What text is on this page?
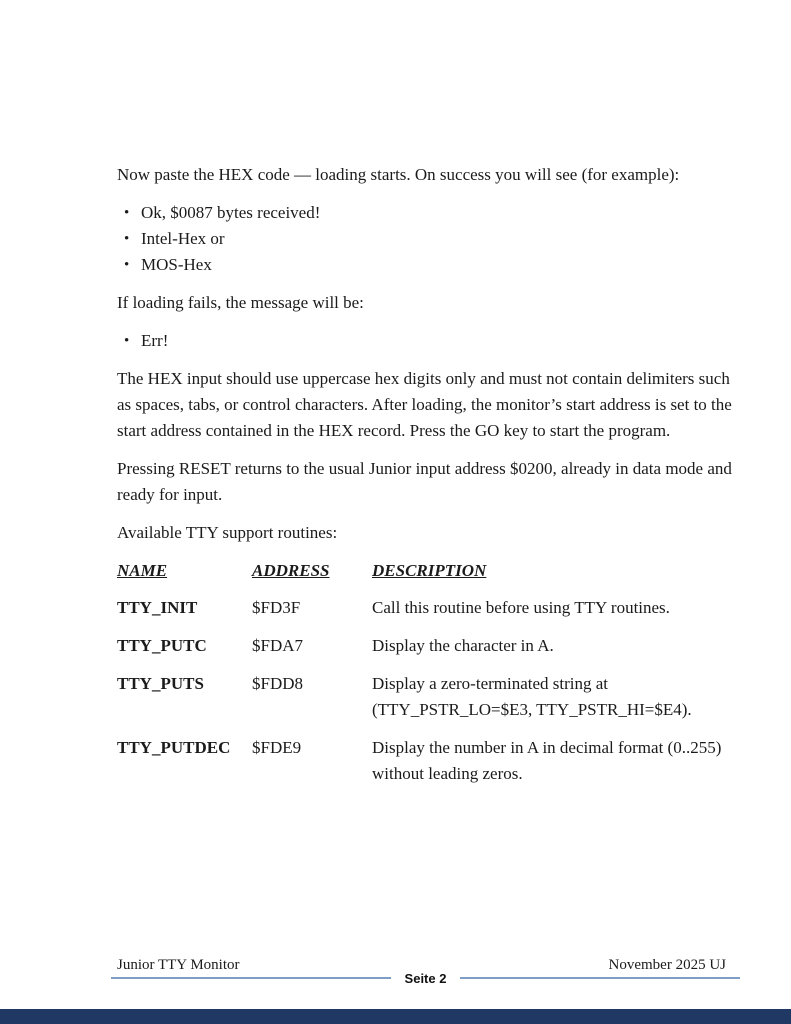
Now paste the HEX code — loading starts. On success you will see (for example):

• Ok, $0087 bytes received!
• Intel-Hex or
• MOS-Hex

If loading fails, the message will be:

• Err!

The HEX input should use uppercase hex digits only and must not contain delimiters such as spaces, tabs, or control characters. After loading, the monitor’s start address is set to the start address contained in the HEX record. Press the GO key to start the program.

Pressing RESET returns to the usual Junior input address $0200, already in data mode and ready for input.

Available TTY support routines:

NAME	ADDRESS	DESCRIPTION
TTY_INIT	$FD3F	Call this routine before using TTY routines.
TTY_PUTC	$FDA7	Display the character in A.
TTY_PUTS	$FDD8	Display a zero-terminated string at (TTY_PSTR_LO=$E3, TTY_PSTR_HI=$E4).
TTY_PUTDEC	$FDE9	Display the number in A in decimal format (0..255) without leading zeros.
Junior TTY Monitor	November 2025 UJ
Seite 2
